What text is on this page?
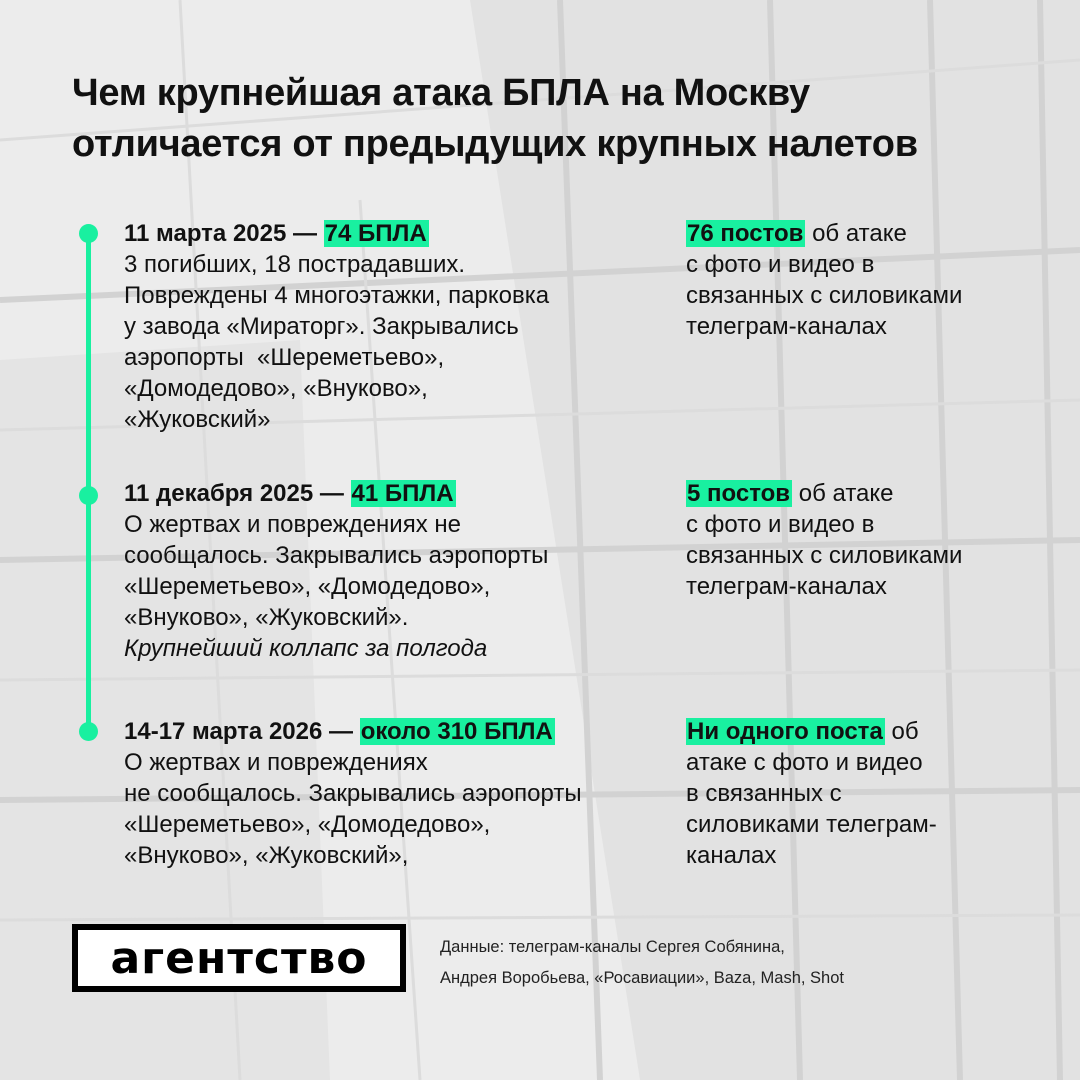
Чем крупнейшая атака БПЛА на Москву
отличается от предыдущих крупных налетов
11 марта 2025 — 74 БПЛА
3 погибших, 18 пострадавших.
Повреждены 4 многоэтажки, парковка
у завода «Мираторг». Закрывались
аэропорты  «Шереметьево»,
«Домодедово», «Внуково»,
«Жуковский»
76 постов об атаке
с фото и видео в
связанных с силовиками
телеграм-каналах
11 декабря 2025 — 41 БПЛА
О жертвах и повреждениях не
сообщалось. Закрывались аэропорты
«Шереметьево», «Домодедово»,
«Внуково», «Жуковский».
Крупнейший коллапс за полгода
5 постов об атаке
с фото и видео в
связанных с силовиками
телеграм-каналах
14-17 марта 2026 — около 310 БПЛА
О жертвах и повреждениях
не сообщалось. Закрывались аэропорты
«Шереметьево», «Домодедово»,
«Внуково», «Жуковский»,
Ни одного поста об
атаке с фото и видео
в связанных с
силовиками телеграм-
каналах
агентство	Данные: телеграм-каналы Сергея Собянина,
Андрея Воробьева, «Росавиации», Baza, Mash, Shot
